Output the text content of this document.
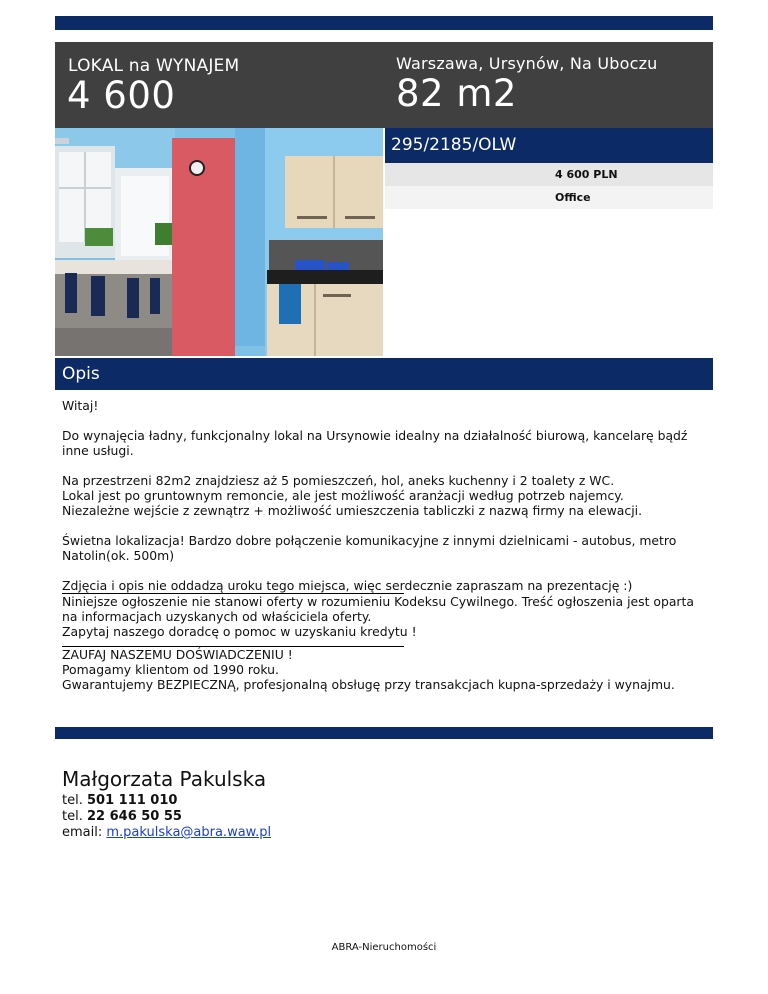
LOKAL na WYNAJEM
4 600
Warszawa, Ursynów, Na Uboczu
82 m2
295/2185/OLW
4 600 PLN
Office
Opis

Witaj!

Do wynajęcia ładny, funkcjonalny lokal na Ursynowie idealny na działalność biurową, kancelarę bądź inne usługi.

Na przestrzeni 82m2 znajdziesz aż 5 pomieszczeń, hol, aneks kuchenny i 2 toalety z WC.
Lokal jest po gruntownym remoncie, ale jest możliwość aranżacji według potrzeb najemcy.
Niezależne wejście z zewnątrz + możliwość umieszczenia tabliczki z nazwą firmy na elewacji.

Świetna lokalizacja! Bardzo dobre połączenie komunikacyjne z innymi dzielnicami - autobus, metro Natolin(ok. 500m)

Zdjęcia i opis nie oddadzą uroku tego miejsca, więc serdecznie zapraszam na prezentację :)
Niniejsze ogłoszenie nie stanowi oferty w rozumieniu Kodeksu Cywilnego. Treść ogłoszenia jest oparta na informacjach uzyskanych od właściciela oferty.
Zapytaj naszego doradcę o pomoc w uzyskaniu kredytu !
ZAUFAJ NASZEMU DOŚWIADCZENIU !
Pomagamy klientom od 1990 roku.
Gwarantujemy BEZPIECZNĄ, profesjonalną obsługę przy transakcjach kupna-sprzedaży i wynajmu.
Małgorzata Pakulska
tel. 501 111 010
tel. 22 646 50 55
email: m.pakulska@abra.waw.pl
ABRA-Nieruchomości
